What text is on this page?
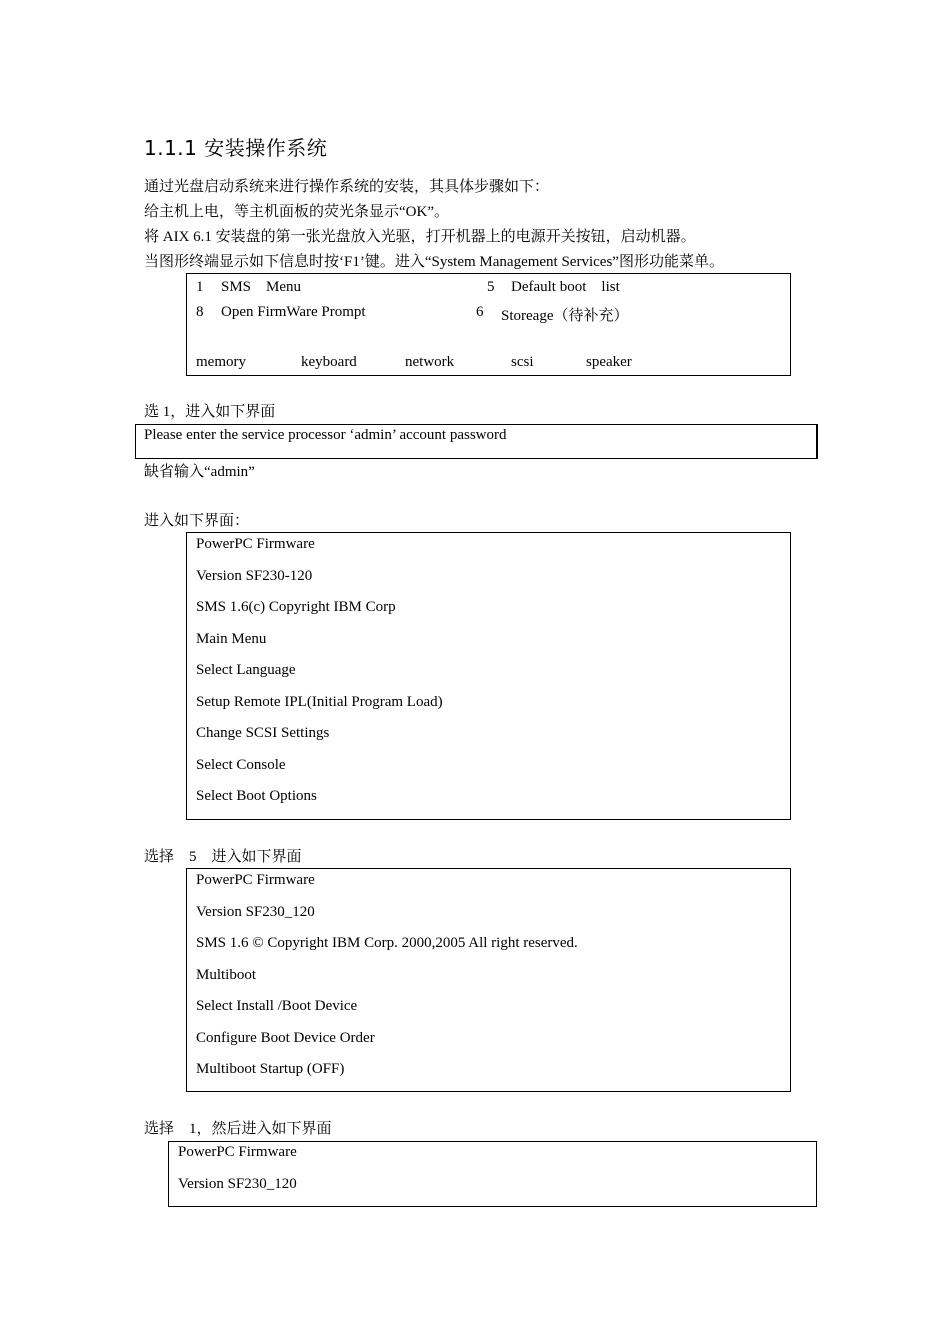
1.1.1 安装操作系统
通过光盘启动系统来进行操作系统的安装，其具体步骤如下：
给主机上电，等主机面板的荧光条显示“OK”。
将 AIX 6.1 安装盘的第一张光盘放入光驱，打开机器上的电源开关按钮，启动机器。
当图形终端显示如下信息时按‘F1’键。进入“System Management Services”图形功能菜单。
1 SMS    Menu	5 Default boot    list
8 Open FirmWare Prompt	6 Storeage（待补充）
memory	keyboard	network	scsi	speaker
选 1，进入如下界面
Please enter the service processor ‘admin’ account password
缺省输入“admin”
进入如下界面：
PowerPC Firmware
Version SF230-120
SMS 1.6(c) Copyright IBM Corp
Main Menu
Select Language
Setup Remote IPL(Initial Program Load)
Change SCSI Settings
Select Console
Select Boot Options
选择    5    进入如下界面
PowerPC Firmware
Version SF230_120
SMS 1.6 © Copyright IBM Corp. 2000,2005 All right reserved.
Multiboot
Select Install /Boot Device
Configure Boot Device Order
Multiboot Startup (OFF)
选择    1，然后进入如下界面
PowerPC Firmware
Version SF230_120
